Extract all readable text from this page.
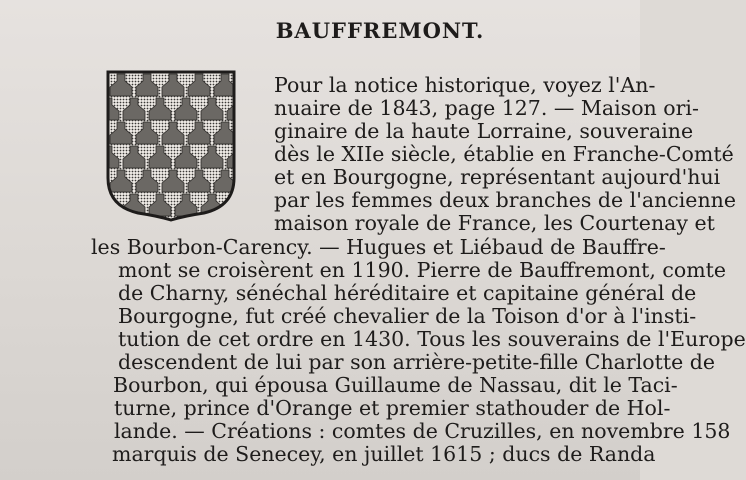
BAUFFREMONT.
Pour la notice historique, voyez l'An-
nuaire de 1843, page 127. — Maison ori-
ginaire de la haute Lorraine, souveraine
dès le XIIe siècle, établie en Franche-Comté
et en Bourgogne, représentant aujourd'hui
par les femmes deux branches de l'ancienne
maison royale de France, les Courtenay et
les Bourbon-Carency. — Hugues et Liébaud de Bauffre-
mont se croisèrent en 1190. Pierre de Bauffremont, comte
de Charny, sénéchal héréditaire et capitaine général de
Bourgogne, fut créé chevalier de la Toison d'or à l'insti-
tution de cet ordre en 1430. Tous les souverains de l'Europe
descendent de lui par son arrière-petite-fille Charlotte de
Bourbon, qui épousa Guillaume de Nassau, dit le Taci-
turne, prince d'Orange et premier stathouder de Hol-
lande. — Créations : comtes de Cruzilles, en novembre 158
marquis de Senecey, en juillet 1615 ; ducs de Randa
